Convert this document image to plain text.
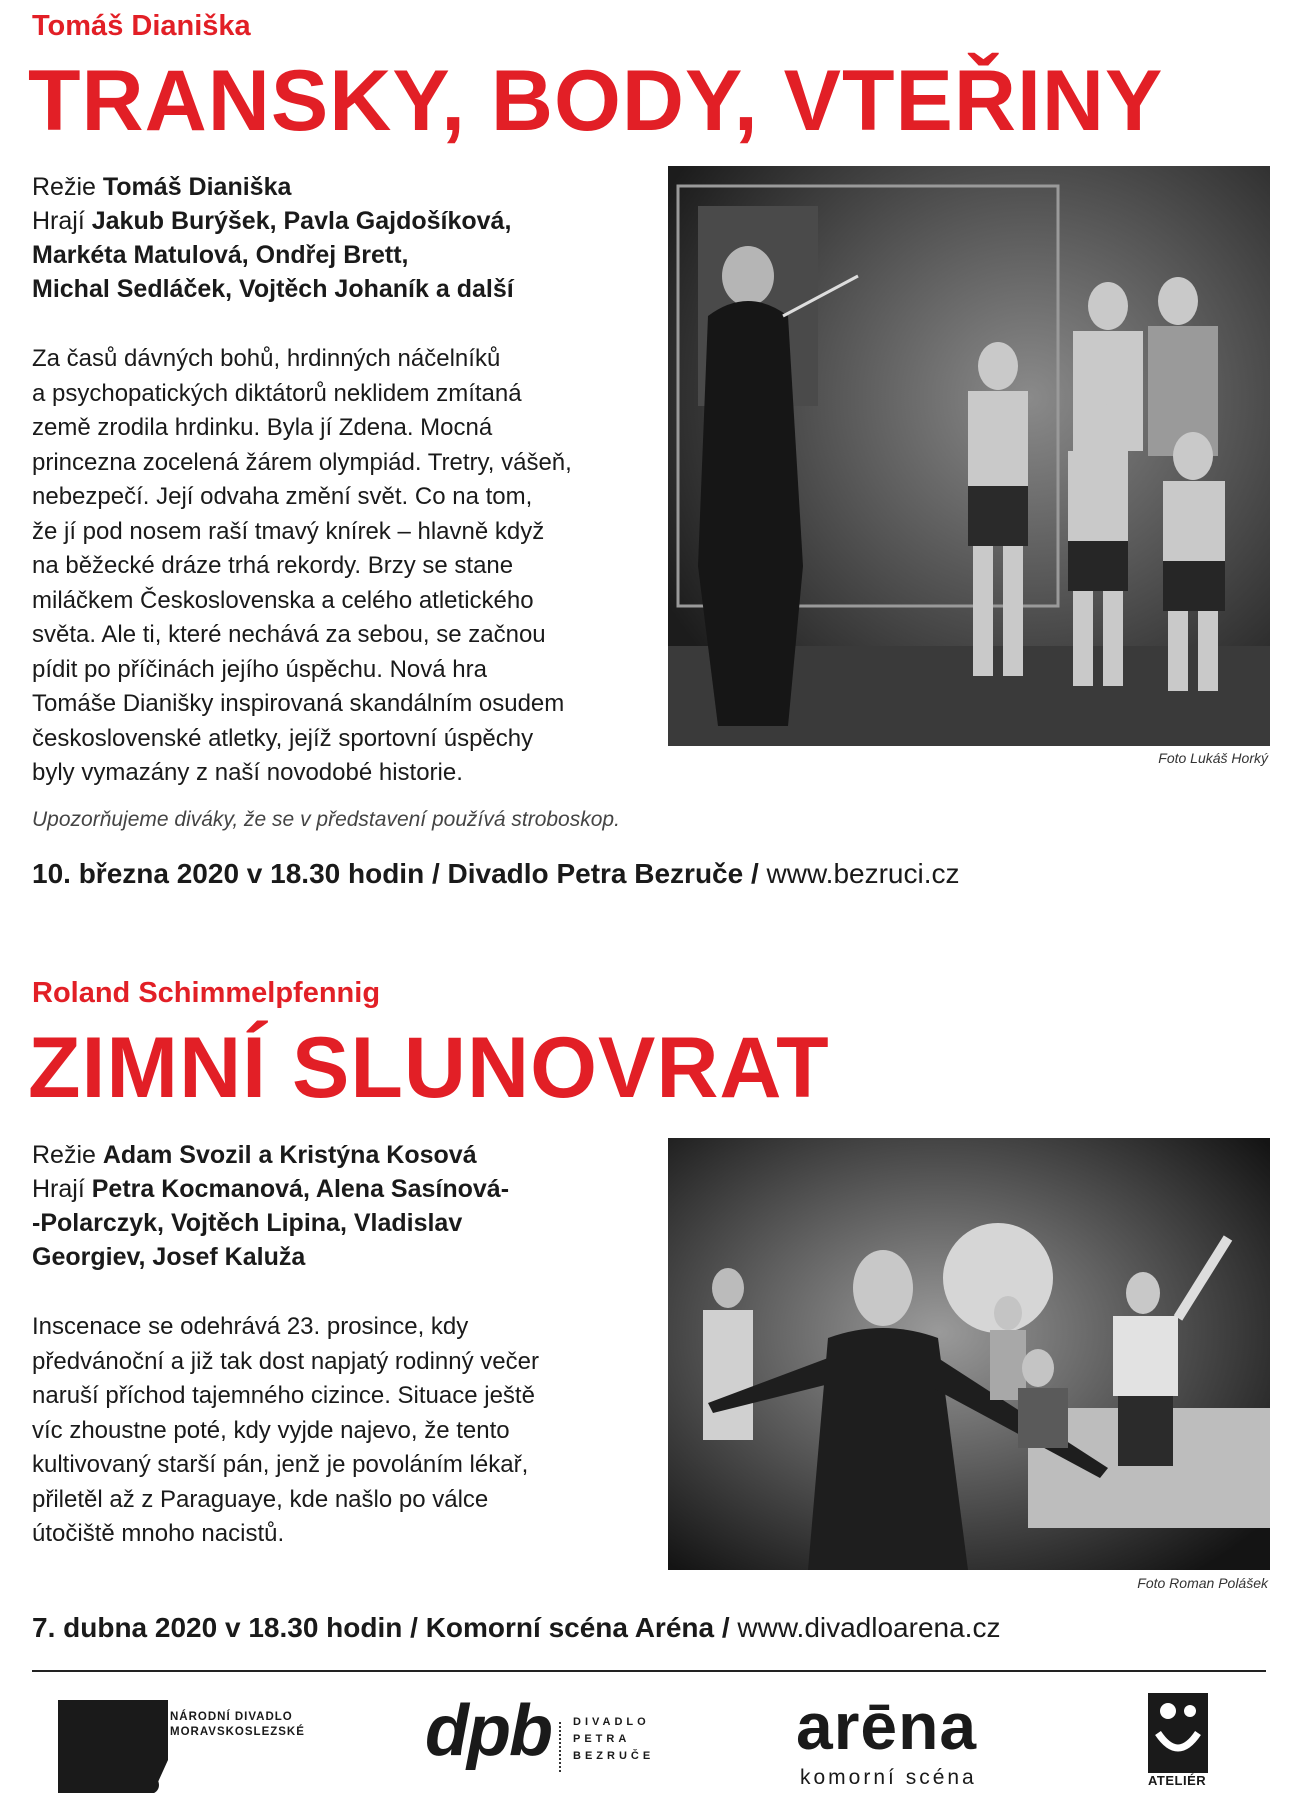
Tomáš Dianiška
TRANSKY, BODY, VTEŘINY
Režie Tomáš Dianiška
Hrají Jakub Burýšek, Pavla Gajdošíková,
Markéta Matulová, Ondřej Brett,
Michal Sedláček, Vojtěch Johaník a další
Za časů dávných bohů, hrdinných náčelníků
a psychopatických diktátorů neklidem zmítaná
země zrodila hrdinku. Byla jí Zdena. Mocná
princezna zocelená žárem olympiád. Tretry, vášeň,
nebezpečí. Její odvaha změní svět. Co na tom,
že jí pod nosem raší tmavý knírek – hlavně když
na běžecké dráze trhá rekordy. Brzy se stane
miláčkem Československa a celého atletického
světa. Ale ti, které nechává za sebou, se začnou
pídit po příčinách jejího úspěchu. Nová hra
Tomáše Dianišky inspirovaná skandálním osudem
československé atletky, jejíž sportovní úspěchy
byly vymazány z naší novodobé historie.
Foto Lukáš Horký
Upozorňujeme diváky, že se v představení používá stroboskop.
10. března 2020 v 18.30 hodin / Divadlo Petra Bezruče / www.bezruci.cz
Roland Schimmelpfennig
ZIMNÍ SLUNOVRAT
Režie Adam Svozil a Kristýna Kosová
Hrají Petra Kocmanová, Alena Sasínová-
-Polarczyk, Vojtěch Lipina, Vladislav
Georgiev, Josef Kaluža
Inscenace se odehrává 23. prosince, kdy
předvánoční a již tak dost napjatý rodinný večer
naruší příchod tajemného cizince. Situace ještě
víc zhoustne poté, kdy vyjde najevo, že tento
kultivovaný starší pán, jenž je povoláním lékař,
přiletěl až z Paraguaye, kde našlo po válce
útočiště mnoho nacistů.
Foto Roman Polášek
7. dubna 2020 v 18.30 hodin / Komorní scéna Aréna / www.divadloarena.cz
NÁRODNÍ DIVADLO
MORAVSKOSLEZSKÉ dpb DIVADLO
PETRA
BEZRUČE arēna
komorní scéna	ATELIÉR
